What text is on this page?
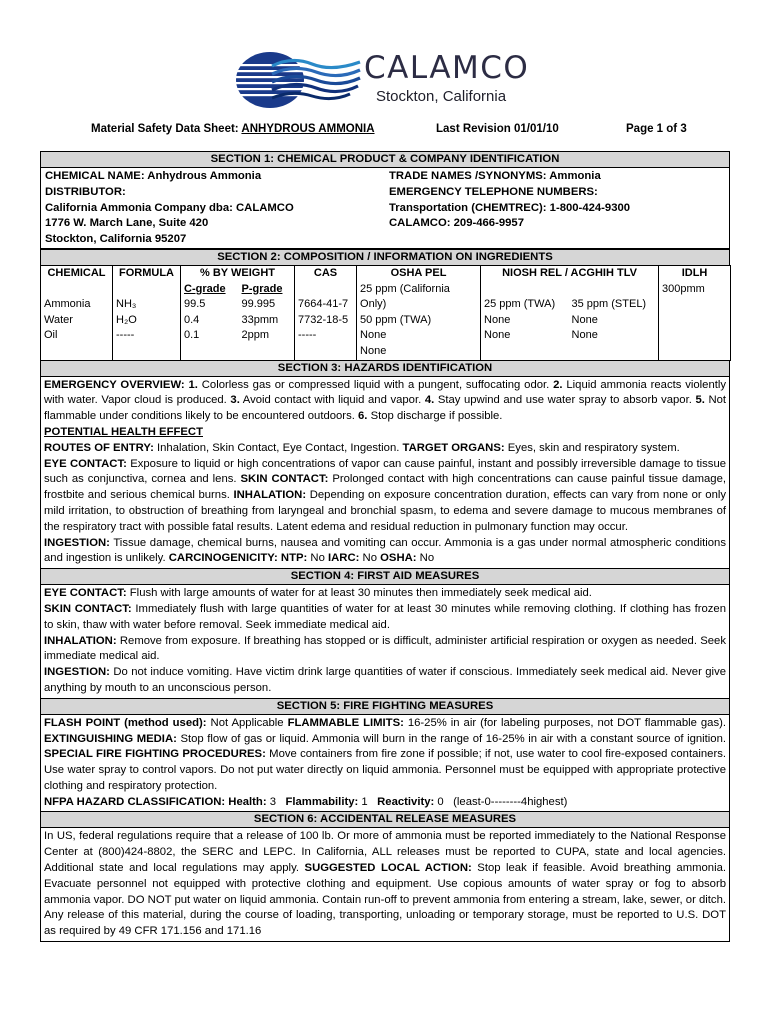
CALAMCO
Stockton, California
Material Safety Data Sheet: ANHYDROUS AMMONIA	Last Revision 01/01/10	Page 1 of 3
SECTION 1: CHEMICAL PRODUCT & COMPANY IDENTIFICATION
CHEMICAL NAME: Anhydrous Ammonia
DISTRIBUTOR:
California Ammonia Company dba: CALAMCO
1776 W. March Lane, Suite 420
Stockton, California 95207
TRADE NAMES /SYNONYMS: Ammonia
EMERGENCY TELEPHONE NUMBERS:
Transportation (CHEMTREC): 1-800-424-9300
CALAMCO: 209-466-9957
SECTION 2: COMPOSITION / INFORMATION ON INGREDIENTS
CHEMICAL	FORMULA	% BY WEIGHT		CAS	OSHA PEL	NIOSH REL / ACGHIH TLV		IDLH
		C-grade	P-grade		25 ppm (California			300pmm
Ammonia	NH₃	99.5	99.995	7664-41-7	Only)	25 ppm (TWA)	35 ppm (STEL)	
Water	H₂O	0.4	33pmm	7732-18-5	50 ppm (TWA)	None	None	
Oil	-----	0.1	2ppm	-----	None	None	None	
					None			
SECTION 3: HAZARDS IDENTIFICATION
EMERGENCY OVERVIEW: 1. Colorless gas or compressed liquid with a pungent, suffocating odor. 2. Liquid ammonia reacts violently with water. Vapor cloud is produced. 3. Avoid contact with liquid and vapor. 4. Stay upwind and use water spray to absorb vapor. 5. Not flammable under conditions likely to be encountered outdoors. 6. Stop discharge if possible.
POTENTIAL HEALTH EFFECT
ROUTES OF ENTRY: Inhalation, Skin Contact, Eye Contact, Ingestion. TARGET ORGANS: Eyes, skin and respiratory system.
EYE CONTACT: Exposure to liquid or high concentrations of vapor can cause painful, instant and possibly irreversible damage to tissue such as conjunctiva, cornea and lens. SKIN CONTACT: Prolonged contact with high concentrations can cause painful tissue damage, frostbite and serious chemical burns. INHALATION: Depending on exposure concentration duration, effects can vary from none or only mild irritation, to obstruction of breathing from laryngeal and bronchial spasm, to edema and severe damage to mucous membranes of the respiratory tract with possible fatal results. Latent edema and residual reduction in pulmonary function may occur.
INGESTION: Tissue damage, chemical burns, nausea and vomiting can occur. Ammonia is a gas under normal atmospheric conditions and ingestion is unlikely. CARCINOGENICITY: NTP: No IARC: No OSHA: No
SECTION 4: FIRST AID MEASURES
EYE CONTACT: Flush with large amounts of water for at least 30 minutes then immediately seek medical aid.
SKIN CONTACT: Immediately flush with large quantities of water for at least 30 minutes while removing clothing. If clothing has frozen to skin, thaw with water before removal. Seek immediate medical aid.
INHALATION: Remove from exposure. If breathing has stopped or is difficult, administer artificial respiration or oxygen as needed. Seek immediate medical aid.
INGESTION: Do not induce vomiting. Have victim drink large quantities of water if conscious. Immediately seek medical aid. Never give anything by mouth to an unconscious person.
SECTION 5: FIRE FIGHTING MEASURES
FLASH POINT (method used): Not Applicable FLAMMABLE LIMITS: 16-25% in air (for labeling purposes, not DOT flammable gas). EXTINGUISHING MEDIA: Stop flow of gas or liquid. Ammonia will burn in the range of 16-25% in air with a constant source of ignition. SPECIAL FIRE FIGHTING PROCEDURES: Move containers from fire zone if possible; if not, use water to cool fire-exposed containers. Use water spray to control vapors. Do not put water directly on liquid ammonia. Personnel must be equipped with appropriate protective clothing and respiratory protection.
NFPA HAZARD CLASSIFICATION: Health: 3 Flammability: 1 Reactivity: 0 (least-0--------4highest)
SECTION 6: ACCIDENTAL RELEASE MEASURES
In US, federal regulations require that a release of 100 lb. Or more of ammonia must be reported immediately to the National Response Center at (800)424-8802, the SERC and LEPC. In California, ALL releases must be reported to CUPA, state and local agencies. Additional state and local regulations may apply. SUGGESTED LOCAL ACTION: Stop leak if feasible. Avoid breathing ammonia. Evacuate personnel not equipped with protective clothing and equipment. Use copious amounts of water spray or fog to absorb ammonia vapor. DO NOT put water on liquid ammonia. Contain run-off to prevent ammonia from entering a stream, lake, sewer, or ditch. Any release of this material, during the course of loading, transporting, unloading or temporary storage, must be reported to U.S. DOT as required by 49 CFR 171.156 and 171.16
